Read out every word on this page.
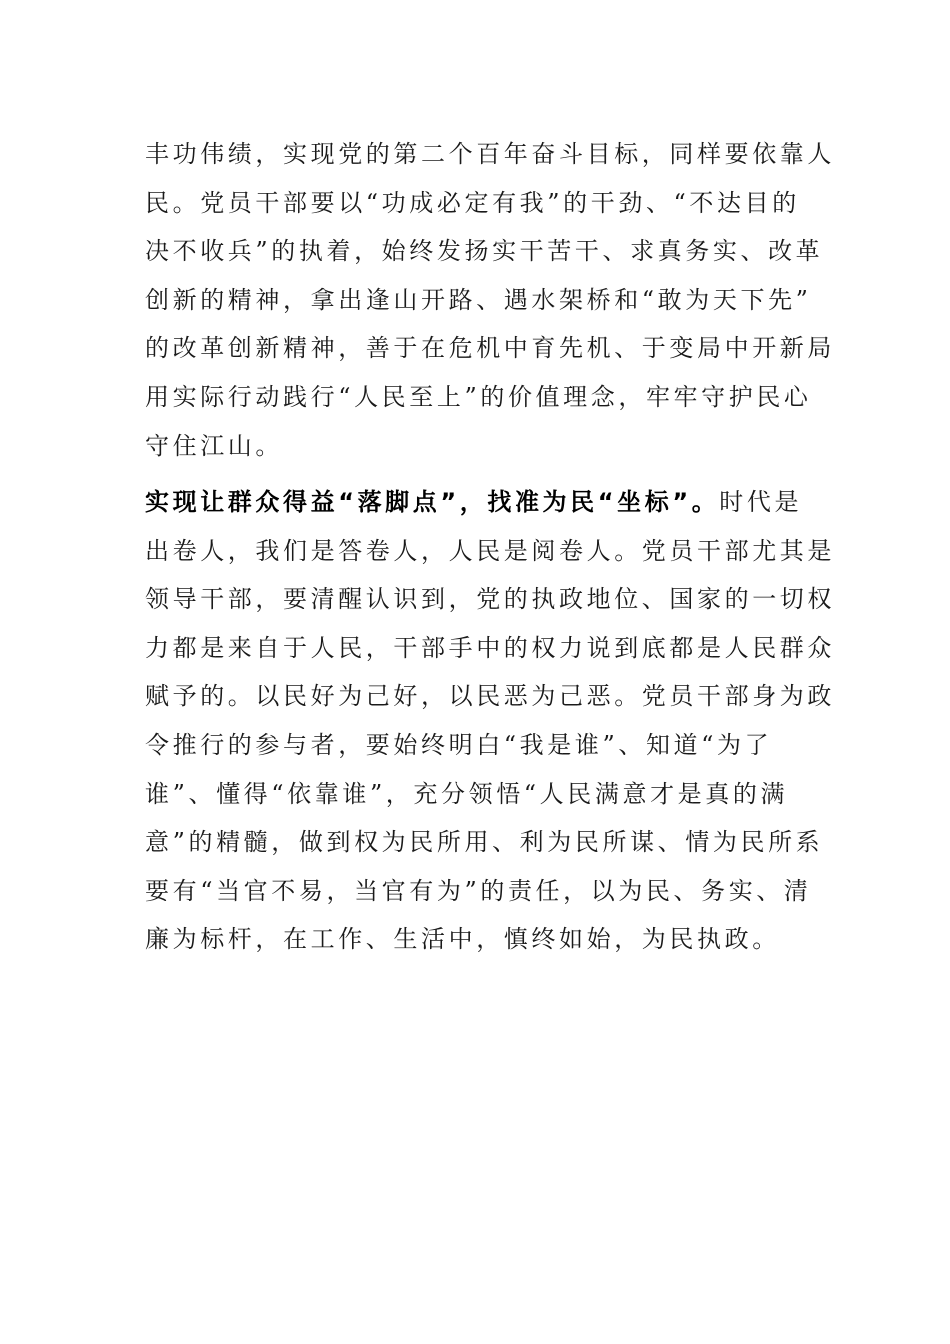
丰功伟绩，实现党的第二个百年奋斗目标，同样要依靠人
民。党员干部要以“功成必定有我”的干劲、“不达目的
决不收兵”的执着，始终发扬实干苦干、求真务实、改革
创新的精神，拿出逢山开路、遇水架桥和“敢为天下先”
的改革创新精神，善于在危机中育先机、于变局中开新局
用实际行动践行“人民至上”的价值理念，牢牢守护民心
守住江山。
实现让群众得益“落脚点”，找准为民“坐标”。时代是
出卷人，我们是答卷人，人民是阅卷人。党员干部尤其是
领导干部，要清醒认识到，党的执政地位、国家的一切权
力都是来自于人民，干部手中的权力说到底都是人民群众
赋予的。以民好为己好，以民恶为己恶。党员干部身为政
令推行的参与者，要始终明白“我是谁”、知道“为了
谁”、懂得“依靠谁”，充分领悟“人民满意才是真的满
意”的精髓，做到权为民所用、利为民所谋、情为民所系
要有“当官不易，当官有为”的责任，以为民、务实、清
廉为标杆，在工作、生活中，慎终如始，为民执政。
